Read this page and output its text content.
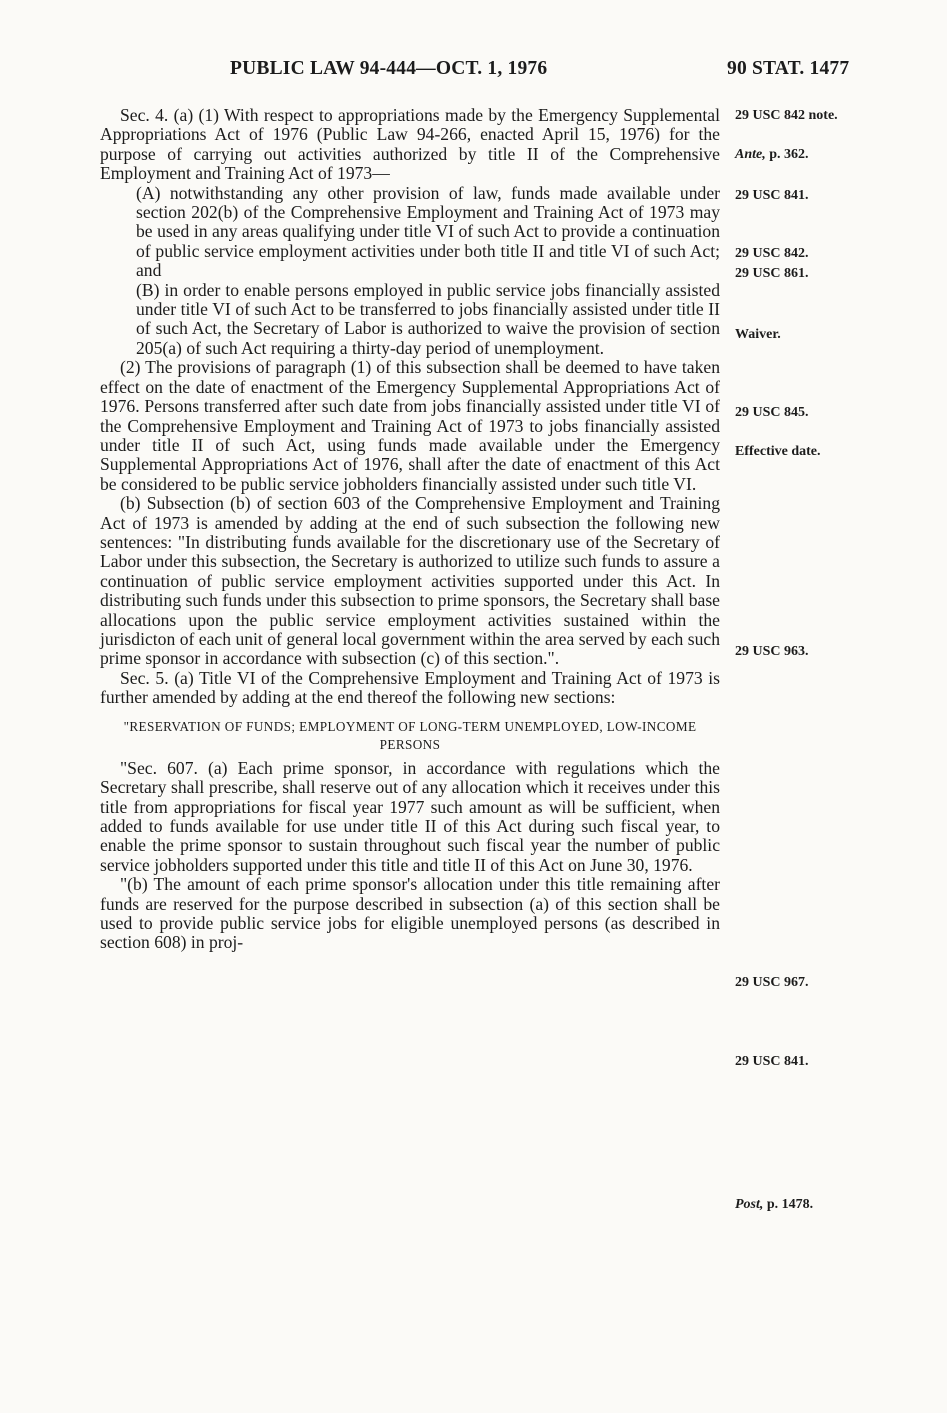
PUBLIC LAW 94-444—OCT. 1, 1976	90 STAT. 1477

Sec. 4. (a) (1) With respect to appropriations made by the Emergency Supplemental Appropriations Act of 1976 (Public Law 94-266, enacted April 15, 1976) for the purpose of carrying out activities authorized by title II of the Comprehensive Employment and Training Act of 1973—

(A) notwithstanding any other provision of law, funds made available under section 202(b) of the Comprehensive Employment and Training Act of 1973 may be used in any areas qualifying under title VI of such Act to provide a continuation of public service employment activities under both title II and title VI of such Act; and

(B) in order to enable persons employed in public service jobs financially assisted under title VI of such Act to be transferred to jobs financially assisted under title II of such Act, the Secretary of Labor is authorized to waive the provision of section 205(a) of such Act requiring a thirty-day period of unemployment.

(2) The provisions of paragraph (1) of this subsection shall be deemed to have taken effect on the date of enactment of the Emergency Supplemental Appropriations Act of 1976. Persons transferred after such date from jobs financially assisted under title VI of the Comprehensive Employment and Training Act of 1973 to jobs financially assisted under title II of such Act, using funds made available under the Emergency Supplemental Appropriations Act of 1976, shall after the date of enactment of this Act be considered to be public service jobholders financially assisted under such title VI.

(b) Subsection (b) of section 603 of the Comprehensive Employment and Training Act of 1973 is amended by adding at the end of such subsection the following new sentences: "In distributing funds available for the discretionary use of the Secretary of Labor under this subsection, the Secretary is authorized to utilize such funds to assure a continuation of public service employment activities supported under this Act. In distributing such funds under this subsection to prime sponsors, the Secretary shall base allocations upon the public service employment activities sustained within the jurisdicton of each unit of general local government within the area served by each such prime sponsor in accordance with subsection (c) of this section.".

Sec. 5. (a) Title VI of the Comprehensive Employment and Training Act of 1973 is further amended by adding at the end thereof the following new sections:

"RESERVATION OF FUNDS; EMPLOYMENT OF LONG-TERM UNEMPLOYED, LOW-INCOME PERSONS

"Sec. 607. (a) Each prime sponsor, in accordance with regulations which the Secretary shall prescribe, shall reserve out of any allocation which it receives under this title from appropriations for fiscal year 1977 such amount as will be sufficient, when added to funds available for use under title II of this Act during such fiscal year, to enable the prime sponsor to sustain throughout such fiscal year the number of public service jobholders supported under this title and title II of this Act on June 30, 1976.

"(b) The amount of each prime sponsor's allocation under this title remaining after funds are reserved for the purpose described in subsection (a) of this section shall be used to provide public service jobs for eligible unemployed persons (as described in section 608) in proj-

29 USC 842 note.
Ante, p. 362.
29 USC 841.
29 USC 842.
29 USC 861.
Waiver.
29 USC 845.
Effective date.
29 USC 963.
29 USC 967.
29 USC 841.
Post, p. 1478.
